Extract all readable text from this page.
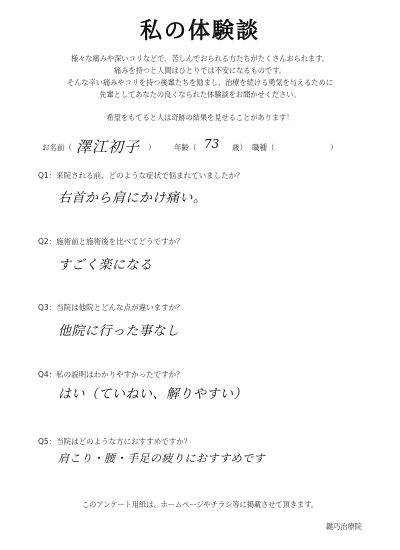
私の体験談
様々な痛みや深いコリなどで、苦しんでおられる方たちがたくさんおられます。
痛みを持つと人間はひとりでは不安になるものです。
そんな辛い痛みやコリを持つ後輩たちを励まし、治療を続ける勇気を与えるために
先輩としてあなたの良くなられた体験談をお聞かせください。
希望をもてると人は奇跡の結果を見せることがあります！
お名前（ 澤江初子 ） 年齢（ 73 歳） 職種（	）
Q1：来院される前、どのような症状で悩まれていましたか？
右首から肩にかけ痛い。
Q2：施術前と施術後を比べてどうですか？
すごく楽になる
Q3：当院は他院とどんな点が違いますか？
他院に行った事なし
Q4：私の説明はわかりやすかったですか？
はい（ていねい、解りやすい）
Q5：当院はどのような方におすすめですか？
肩こり・腰・手足の疲りにおすすめです
このアンケート用紙は、ホームページやチラシ等に掲載させて頂きます。
鍵巧治療院
